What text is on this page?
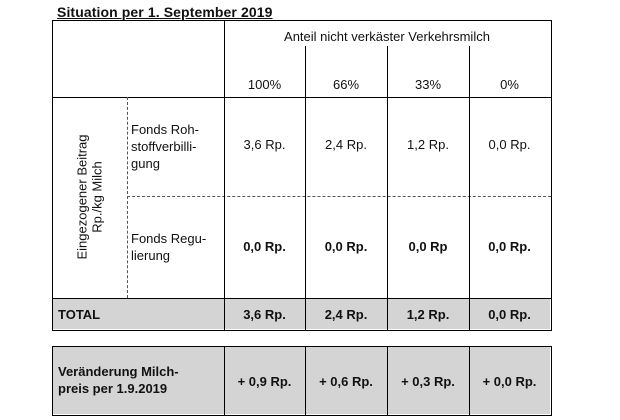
Situation per 1. September 2019
Anteil nicht verkäster Verkehrsmilch
100%	66%	33%	0%
Eingezogener Beitrag Rp./kg Milch
Fonds Roh-
stoffverbilli-
gung
3,6 Rp.	2,4 Rp.	1,2 Rp.	0,0 Rp.
Fonds Regu-
lierung
0,0 Rp.	0,0 Rp.	0,0 Rp	0,0 Rp.
TOTAL	3,6 Rp.	2,4 Rp.	1,2 Rp.	0,0 Rp.
Veränderung Milch-
preis per 1.9.2019	+ 0,9 Rp.	+ 0,6 Rp.	+ 0,3 Rp.	+ 0,0 Rp.
